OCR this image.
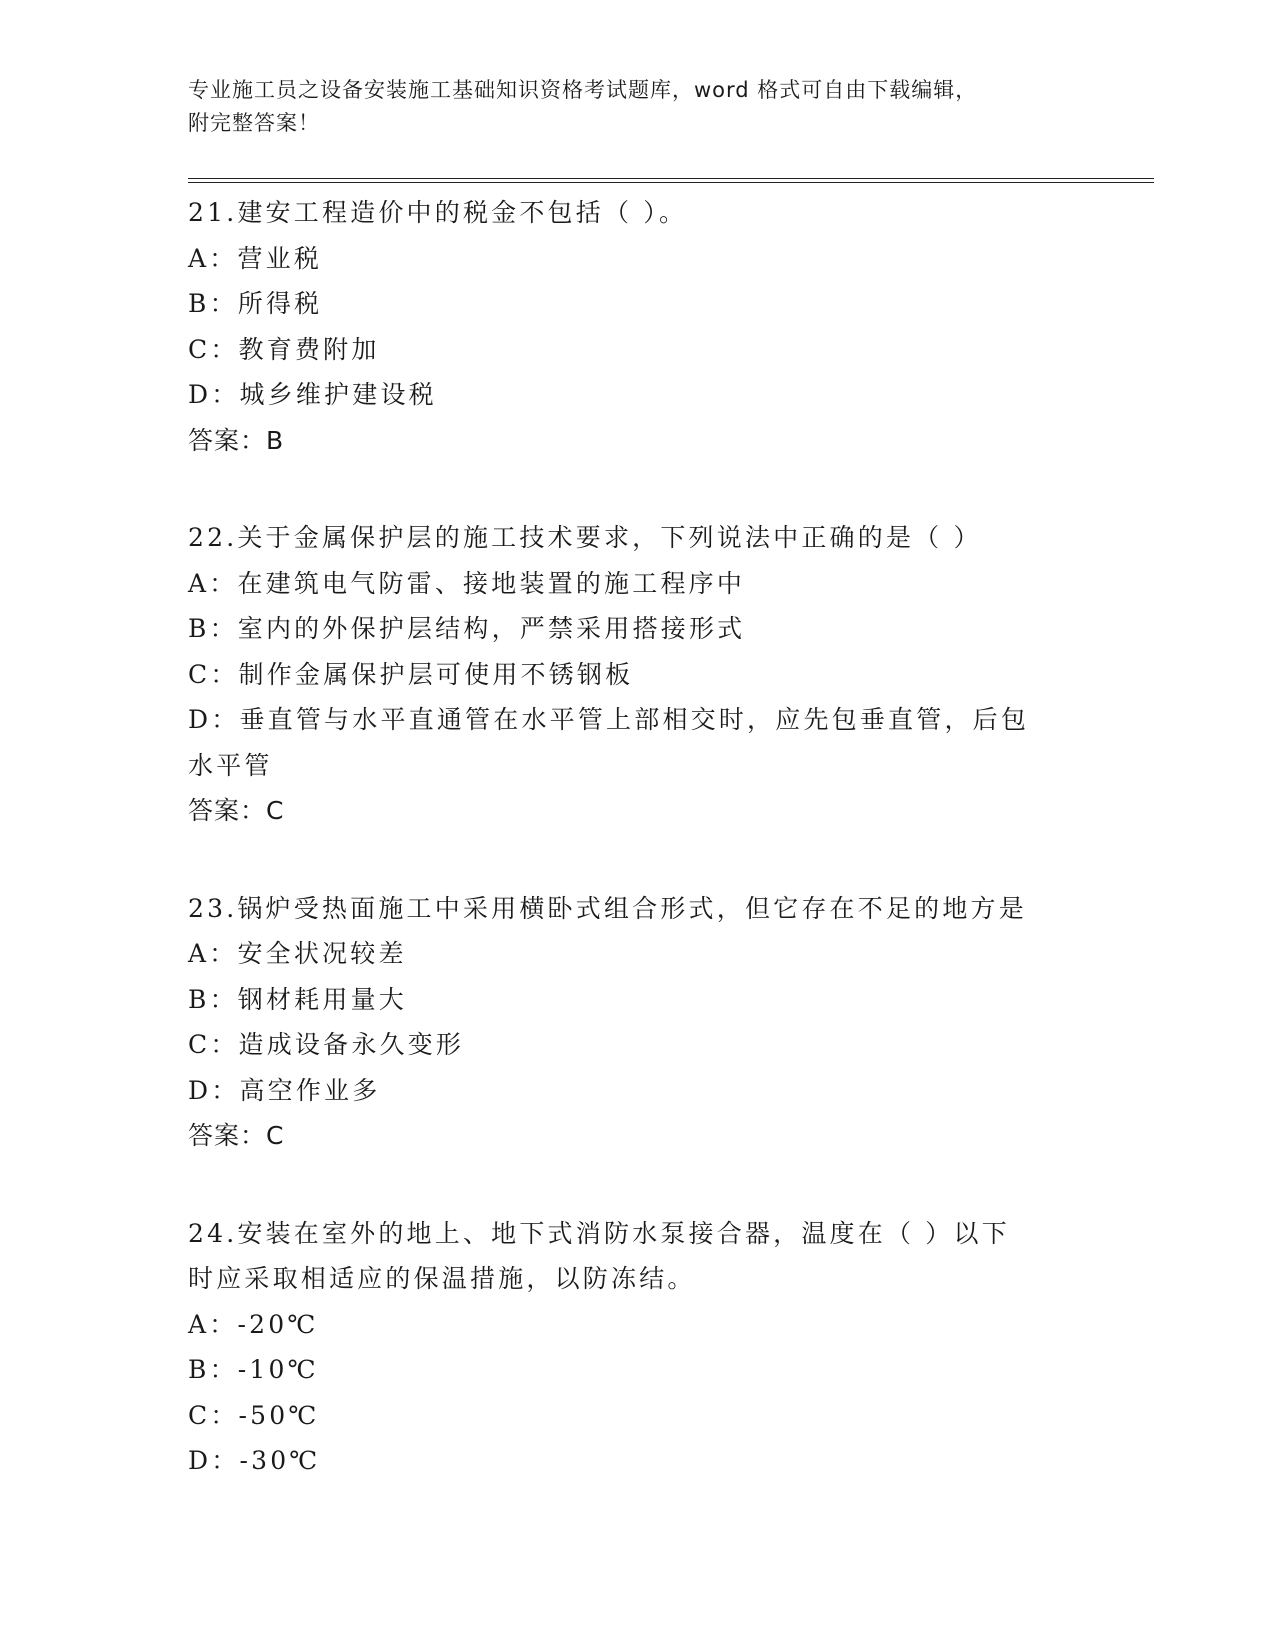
专业施工员之设备安装施工基础知识资格考试题库，word 格式可自由下载编辑，
附完整答案！
21.建安工程造价中的税金不包括（ ）。
A：营业税
B：所得税
C：教育费附加
D：城乡维护建设税
答案：B
22.关于金属保护层的施工技术要求，下列说法中正确的是（ ）
A：在建筑电气防雷、接地装置的施工程序中
B：室内的外保护层结构，严禁采用搭接形式
C：制作金属保护层可使用不锈钢板
D：垂直管与水平直通管在水平管上部相交时，应先包垂直管，后包水平管
答案：C
23.锅炉受热面施工中采用横卧式组合形式，但它存在不足的地方是
A：安全状况较差
B：钢材耗用量大
C：造成设备永久变形
D：高空作业多
答案：C
24.安装在室外的地上、地下式消防水泵接合器，温度在（ ）以下时应采取相适应的保温措施，以防冻结。
A：-20℃
B：-10℃
C：-50℃
D：-30℃
